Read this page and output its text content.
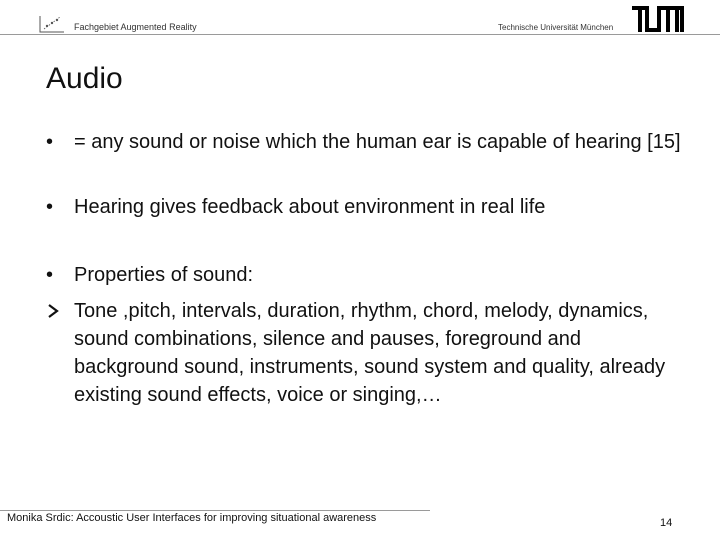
Fachgebiet Augmented Reality	Technische Universität München
Audio
•	= any sound or noise which the human ear is capable of hearing [15]
•	Hearing gives feedback about environment in real life
•	Properties of sound:
Tone ,pitch, intervals, duration, rhythm, chord, melody, dynamics, sound combinations, silence and pauses, foreground and background sound, instruments, sound system and quality, already existing sound effects, voice or singing,…
Monika Srdic: Accoustic User Interfaces for improving situational awareness	14
